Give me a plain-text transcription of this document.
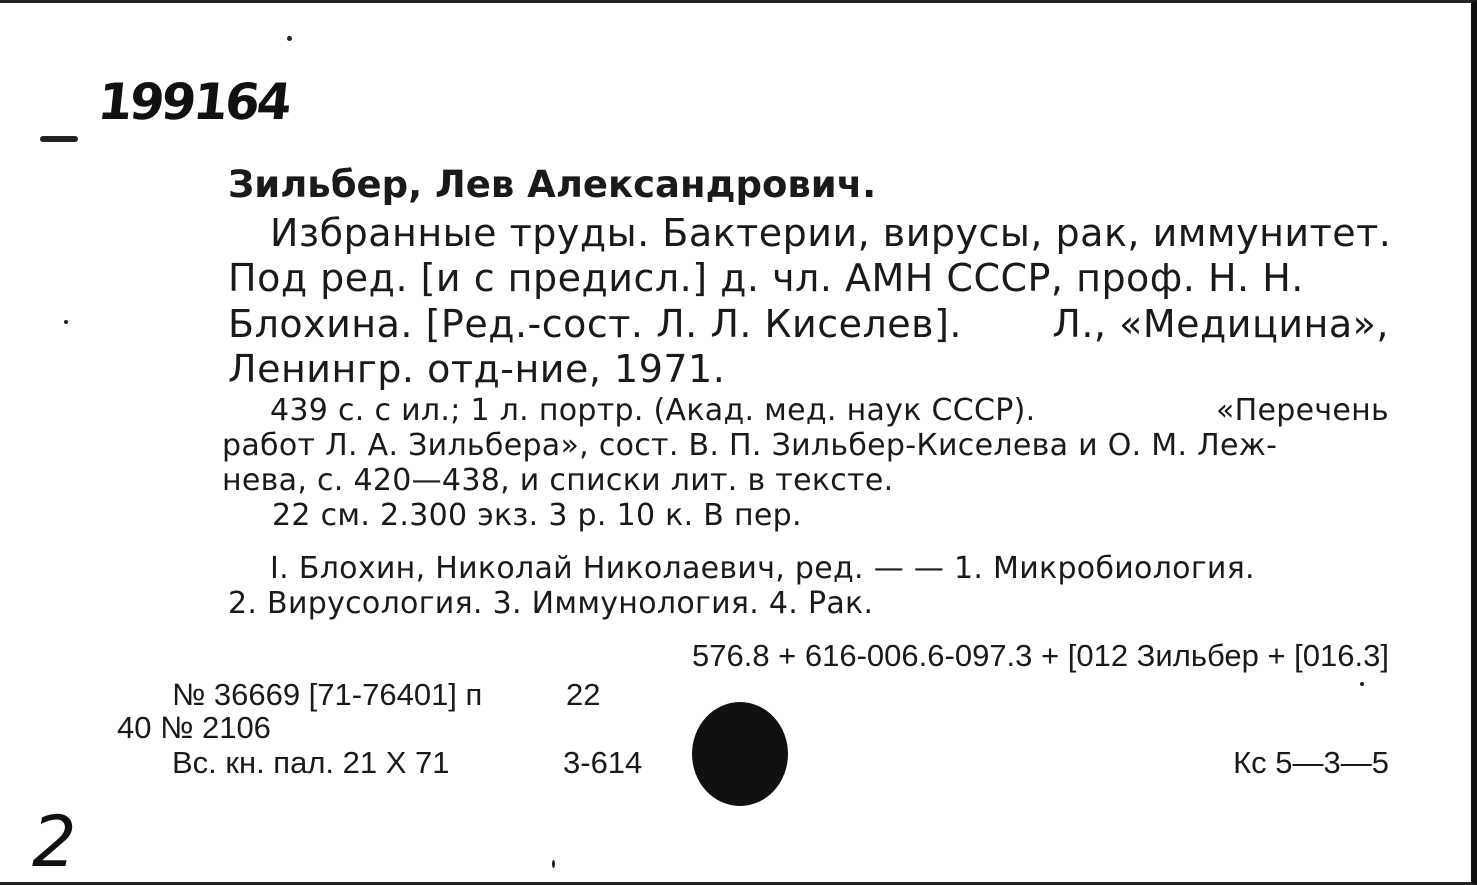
199164
Зильбер, Лев Александрович.
Избранные труды. Бактерии, вирусы, рак, иммунитет.
Под ред. [и с предисл.] д. чл. АМН СССР, проф. Н. Н.
Блохина. [Ред.-сост. Л. Л. Киселев]. Л., «Медицина»,
Ленингр. отд-ние, 1971.
439 с. с ил.; 1 л. портр. (Акад. мед. наук СССР).	«Перечень
работ Л. А. Зильбера», сост. В. П. Зильбер-Киселева и О. М. Леж-
нева, с. 420—438, и списки лит. в тексте.
22 см. 2.300 экз. 3 р. 10 к. В пер.
I. Блохин, Николай Николаевич, ред. — — 1. Микробиология.
2. Вирусология. 3. Иммунология. 4. Рак.
576.8 + 616-006.6-097.3 + [012 Зильбер + [016.3]
№ 36669 [71-76401] п	22
40 № 2106
Вс. кн. пал. 21 X 71	3-614	Кс 5—3—5
2
